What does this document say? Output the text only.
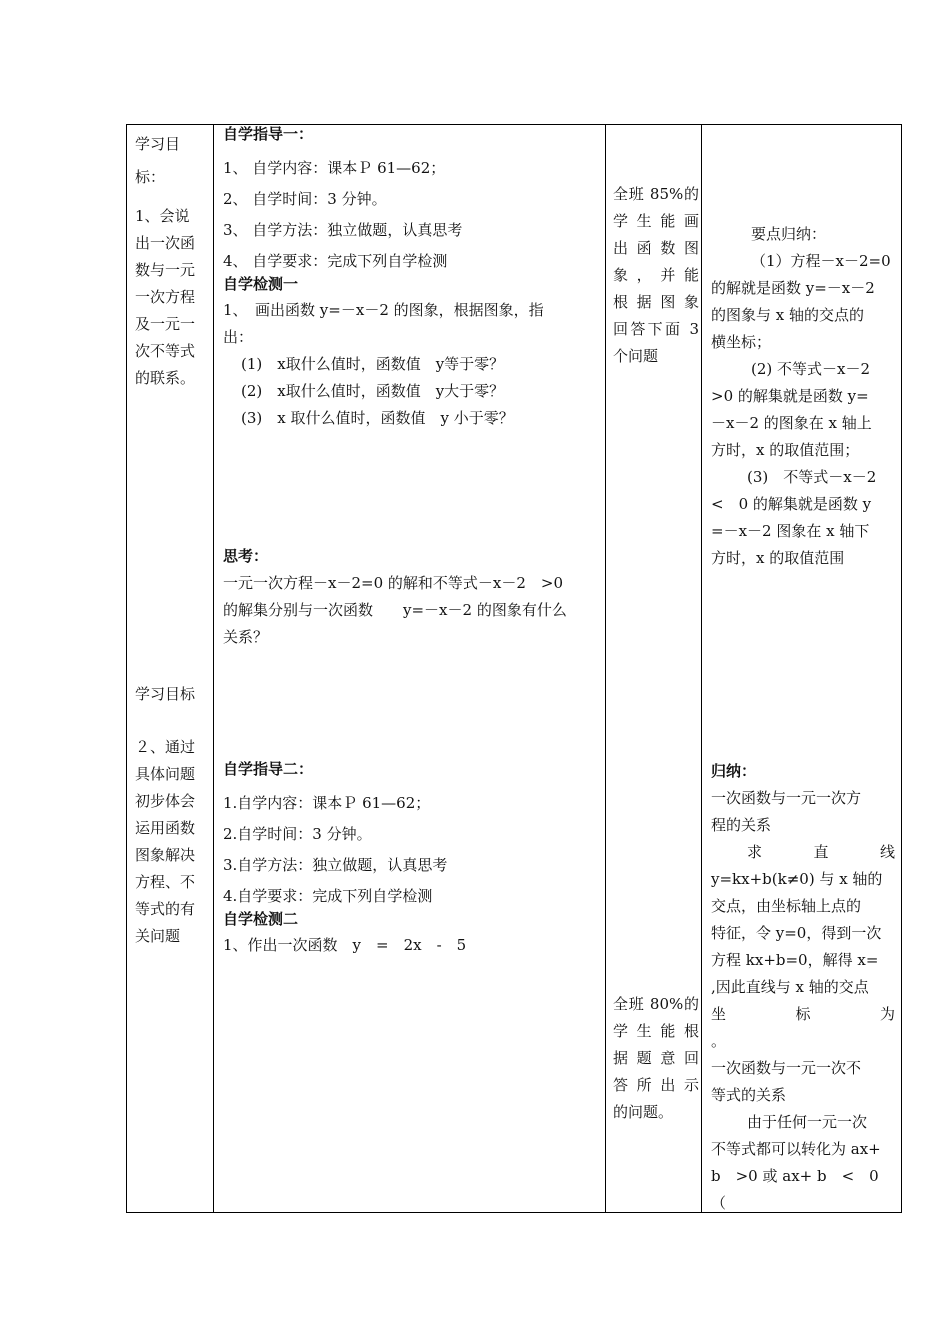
学习目

标：

1、会说

出一次函

数与一元

一次方程

及一元一

次不等式

的联系。

学习目标

２、通过

具体问题

初步体会

运用函数

图象解决

方程、不

等式的有

关问题

自学指导一：

1、 自学内容：课本Ｐ 61—62；

2、 自学时间：3 分钟。

3、 自学方法：独立做题，认真思考

4、 自学要求：完成下列自学检测

自学检测一

1、　画出函数 y=－x－2 的图象，根据图象，指

出：

(1)　x取什么值时，函数值　y等于零？

(2)　x取什么值时，函数值　y大于零？

(3)　x 取什么值时，函数值　y 小于零？

思考：

一元一次方程－x－2=0 的解和不等式－x－2　>0

的解集分别与一次函数　　y=－x－2 的图象有什么

关系？

自学指导二：

1.自学内容：课本Ｐ 61—62；

2.自学时间：3 分钟。

3.自学方法：独立做题，认真思考

4.自学要求：完成下列自学检测

自学检测二

1、作出一次函数　y　=　2x　-　5

全班 85%的

学生能画

出函数图

象，并能

根据图象

回答下面 3

个问题

全班 80%的

学生能根

据题意回

答所出示

的问题。

要点归纳：

（1）方程－x－2=0

的解就是函数 y=－x－2

的图象与 x 轴的交点的

横坐标；

(2) 不等式－x－2

>0 的解集就是函数 y=

－x－2 的图象在 x 轴上

方时，x 的取值范围；

(3)　不等式－x－2

<　0 的解集就是函数 y

=－x－2 图象在 x 轴下

方时，x 的取值范围

归纳：

一次函数与一元一次方

程的关系

求　直　线

y=kx+b(k≠0) 与 x 轴的

交点，由坐标轴上点的

特征，令 y=0，得到一次

方程 kx+b=0，解得 x=

,因此直线与 x 轴的交点

坐　标　为

。

一次函数与一元一次不

等式的关系

由于任何一元一次

不等式都可以转化为 ax+

b　>0 或 ax+ b　<　0　（
